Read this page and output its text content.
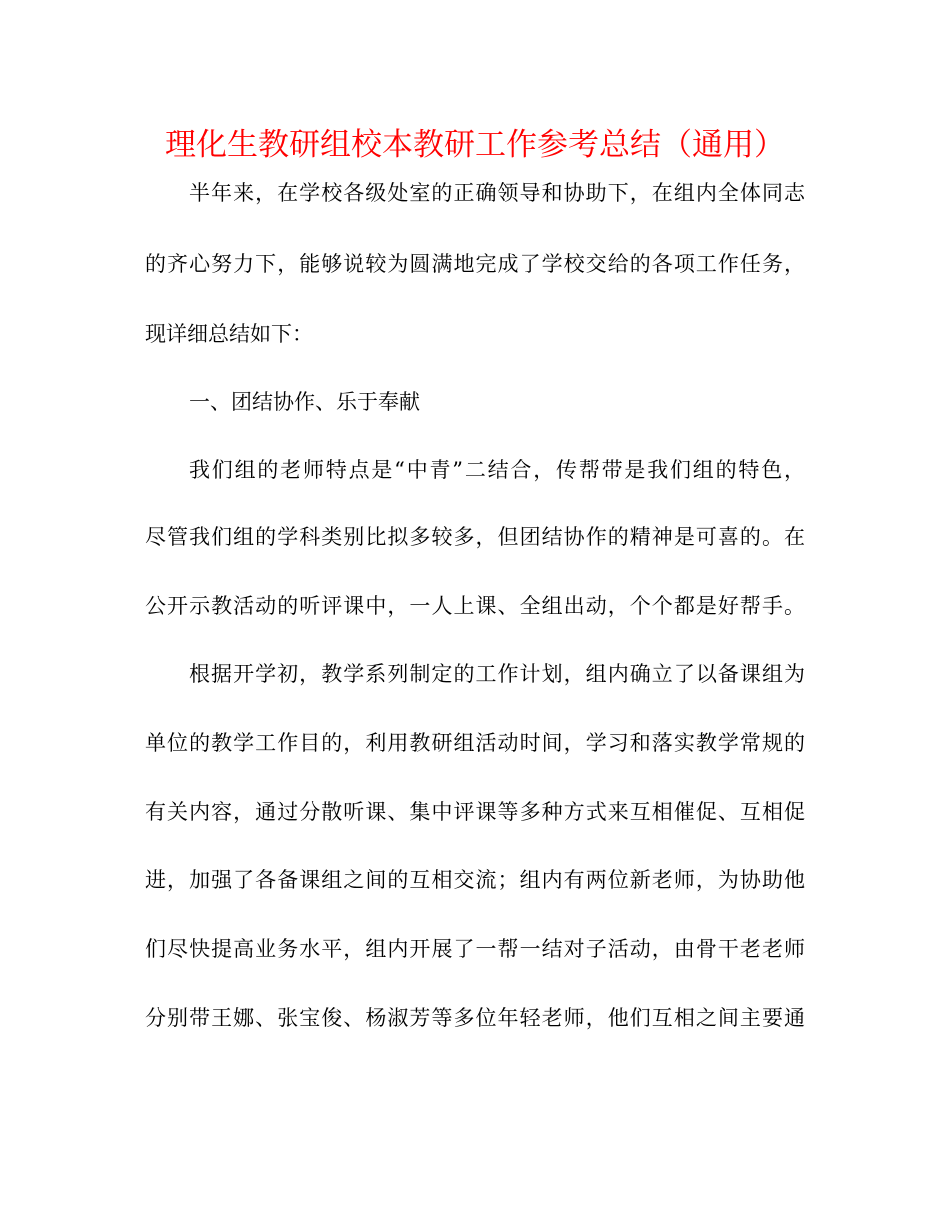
理化生教研组校本教研工作参考总结（通用）
半年来，在学校各级处室的正确领导和协助下，在组内全体同志
的齐心努力下，能够说较为圆满地完成了学校交给的各项工作任务，
现详细总结如下：
一、团结协作、乐于奉献
我们组的老师特点是“中青”二结合，传帮带是我们组的特色，
尽管我们组的学科类别比拟多较多，但团结协作的精神是可喜的。在
公开示教活动的听评课中，一人上课、全组出动，个个都是好帮手。
根据开学初，教学系列制定的工作计划，组内确立了以备课组为
单位的教学工作目的，利用教研组活动时间，学习和落实教学常规的
有关内容，通过分散听课、集中评课等多种方式来互相催促、互相促
进，加强了各备课组之间的互相交流；组内有两位新老师，为协助他
们尽快提高业务水平，组内开展了一帮一结对子活动，由骨干老老师
分别带王娜、张宝俊、杨淑芳等多位年轻老师，他们互相之间主要通
